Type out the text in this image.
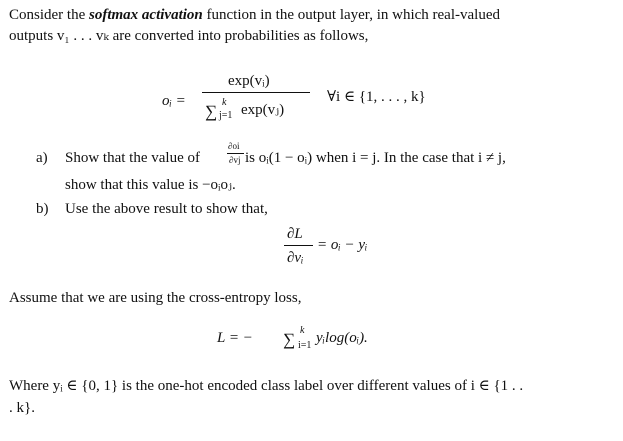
Consider the softmax activation function in the output layer, in which real-valued
outputs v₁ . . . vₖ are converted into probabilities as follows,
oᵢ =
exp(vᵢ)
∑ k
j=1 exp(vⱼ)
∀i ∈ {1, . . . , k}
a) Show that the value of
∂oi
∂vj is oᵢ(1 − oᵢ) when i = j. In the case that i ≠ j,
show that this value is −oᵢoⱼ.
b) Use the above result to show that,
∂L
∂vᵢ
= oᵢ − yᵢ
Assume that we are using the cross-entropy loss,
L = − ∑ k
i=1 yᵢlog(oᵢ).
Where yᵢ ∈ {0, 1} is the one-hot encoded class label over different values of i ∈ {1 . .
. k}.
